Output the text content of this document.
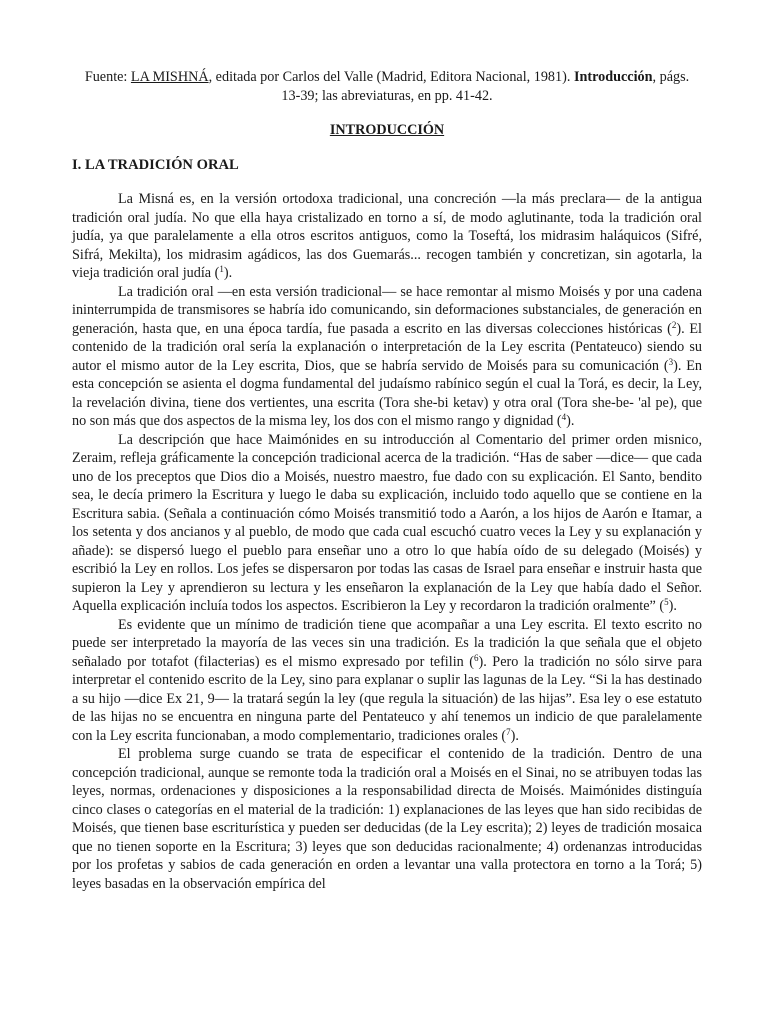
Fuente: LA MISHNÁ, editada por Carlos del Valle (Madrid, Editora Nacional, 1981). Introducción, págs. 13-39; las abreviaturas, en pp. 41-42.

INTRODUCCIÓN
I. LA TRADICIÓN ORAL

La Misná es, en la versión ortodoxa tradicional, una concreción —la más preclara— de la antigua tradición oral judía. No que ella haya cristalizado en torno a sí, de modo aglutinante, toda la tradición oral judía, ya que paralelamente a ella otros escritos antiguos, como la Toseftá, los midrasim haláquicos (Sifré, Sifrá, Mekilta), los midrasim agádicos, las dos Guemarás... recogen también y concretizan, sin agotarla, la vieja tradición oral judía ($^1$).

La tradición oral —en esta versión tradicional— se hace remontar al mismo Moisés y por una cadena ininterrumpida de transmisores se habría ido comunicando, sin deformaciones substanciales, de generación en generación, hasta que, en una época tardía, fue pasada a escrito en las diversas colecciones históricas ($^2$). El contenido de la tradición oral sería la explanación o interpretación de la Ley escrita (Pentateuco) siendo su autor el mismo autor de la Ley escrita, Dios, que se habría servido de Moisés para su comunicación ($^3$). En esta concepción se asienta el dogma fundamental del judaísmo rabínico según el cual la Torá, es decir, la Ley, la revelación divina, tiene dos vertientes, una escrita (Tora she-bi ketav) y otra oral (Tora she-be- 'al pe), que no son más que dos aspectos de la misma ley, los dos con el mismo rango y dignidad ($^4$).

La descripción que hace Maimónides en su introducción al Comentario del primer orden misnico, Zeraim, refleja gráficamente la concepción tradicional acerca de la tradición. “Has de saber —dice— que cada uno de los preceptos que Dios dio a Moisés, nuestro maestro, fue dado con su explicación. El Santo, bendito sea, le decía primero la Escritura y luego le daba su explicación, incluido todo aquello que se contiene en la Escritura sabia. (Señala a continuación cómo Moisés transmitió todo a Aarón, a los hijos de Aarón e Itamar, a los setenta y dos ancianos y al pueblo, de modo que cada cual escuchó cuatro veces la Ley y su explanación y añade): se dispersó luego el pueblo para enseñar uno a otro lo que había oído de su delegado (Moisés) y escribió la Ley en rollos. Los jefes se dispersaron por todas las casas de Israel para enseñar e instruir hasta que supieron la Ley y aprendieron su lectura y les enseñaron la explanación de la Ley que había dado el Señor. Aquella explicación incluía todos los aspectos. Escribieron la Ley y recordaron la tradición oralmente” ($^5$).

Es evidente que un mínimo de tradición tiene que acompañar a una Ley escrita. El texto escrito no puede ser interpretado la mayoría de las veces sin una tradición. Es la tradición la que señala que el objeto señalado por totafot (filacterias) es el mismo expresado por tefilin ($^6$). Pero la tradición no sólo sirve para interpretar el contenido escrito de la Ley, sino para explanar o suplir las lagunas de la Ley. “Si la has destinado a su hijo —dice Ex 21, 9— la tratará según la ley (que regula la situación) de las hijas”. Esa ley o ese estatuto de las hijas no se encuentra en ninguna parte del Pentateuco y ahí tenemos un indicio de que paralelamente con la Ley escrita funcionaban, a modo complementario, tradiciones orales ($^7$).

El problema surge cuando se trata de especificar el contenido de la tradición. Dentro de una concepción tradicional, aunque se remonte toda la tradición oral a Moisés en el Sinai, no se atribuyen todas las leyes, normas, ordenaciones y disposiciones a la responsabilidad directa de Moisés. Maimónides distinguía cinco clases o categorías en el material de la tradición: 1) explanaciones de las leyes que han sido recibidas de Moisés, que tienen base escriturística y pueden ser deducidas (de la Ley escrita); 2) leyes de tradición mosaica que no tienen soporte en la Escritura; 3) leyes que son deducidas racionalmente; 4) ordenanzas introducidas por los profetas y sabios de cada generación en orden a levantar una valla protectora en torno a la Torá; 5) leyes basadas en la observación empírica del
